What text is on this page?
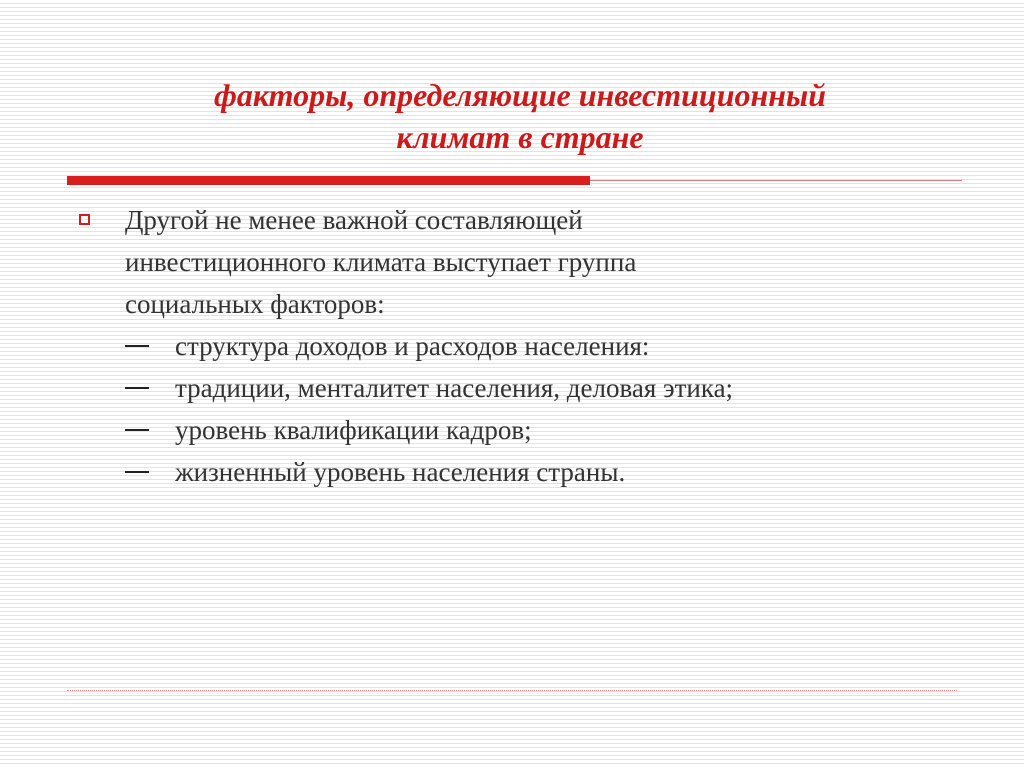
факторы, определяющие инвестиционный
климат в стране
Другой не менее важной составляющей
инвестиционного климата выступает группа
социальных факторов:
структура доходов и расходов населения:
традиции, менталитет населения, деловая этика;
уровень квалификации кадров;
жизненный уровень населения страны.
